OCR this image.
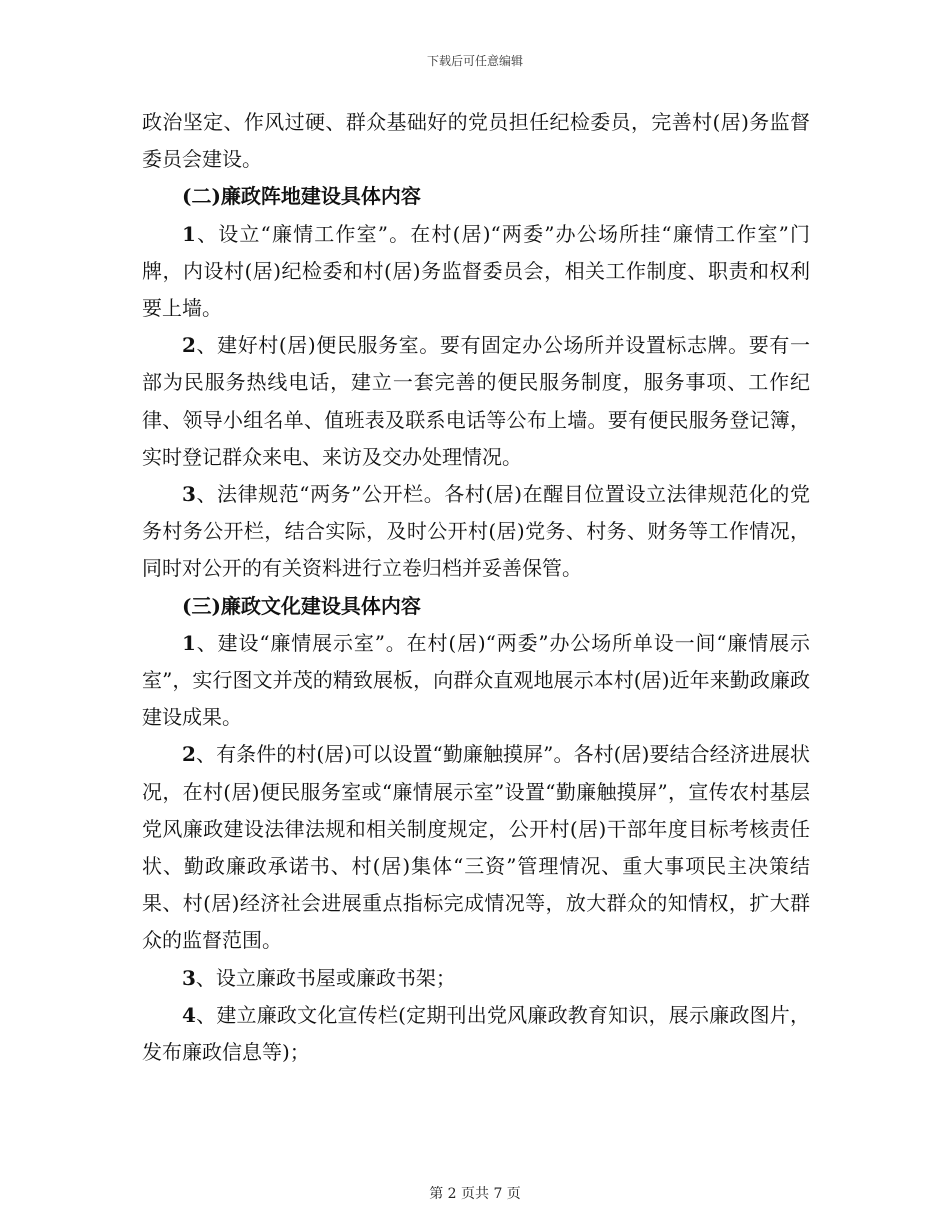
下载后可任意编辑

政治坚定、作风过硬、群众基础好的党员担任纪检委员，完善村(居)务监督委员会建设。

(二)廉政阵地建设具体内容

1、设立“廉情工作室”。在村(居)“两委”办公场所挂“廉情工作室”门牌，内设村(居)纪检委和村(居)务监督委员会，相关工作制度、职责和权利要上墙。

2、建好村(居)便民服务室。要有固定办公场所并设置标志牌。要有一部为民服务热线电话，建立一套完善的便民服务制度，服务事项、工作纪律、领导小组名单、值班表及联系电话等公布上墙。要有便民服务登记簿，实时登记群众来电、来访及交办处理情况。

3、法律规范“两务”公开栏。各村(居)在醒目位置设立法律规范化的党务村务公开栏，结合实际，及时公开村(居)党务、村务、财务等工作情况，同时对公开的有关资料进行立卷归档并妥善保管。

(三)廉政文化建设具体内容

1、建设“廉情展示室”。在村(居)“两委”办公场所单设一间“廉情展示室”，实行图文并茂的精致展板，向群众直观地展示本村(居)近年来勤政廉政建设成果。

2、有条件的村(居)可以设置“勤廉触摸屏”。各村(居)要结合经济进展状况，在村(居)便民服务室或“廉情展示室”设置“勤廉触摸屏”，宣传农村基层党风廉政建设法律法规和相关制度规定，公开村(居)干部年度目标考核责任状、勤政廉政承诺书、村(居)集体“三资”管理情况、重大事项民主决策结果、村(居)经济社会进展重点指标完成情况等，放大群众的知情权，扩大群众的监督范围。

3、设立廉政书屋或廉政书架；

4、建立廉政文化宣传栏(定期刊出党风廉政教育知识，展示廉政图片，发布廉政信息等)；

第 2 页共 7 页
